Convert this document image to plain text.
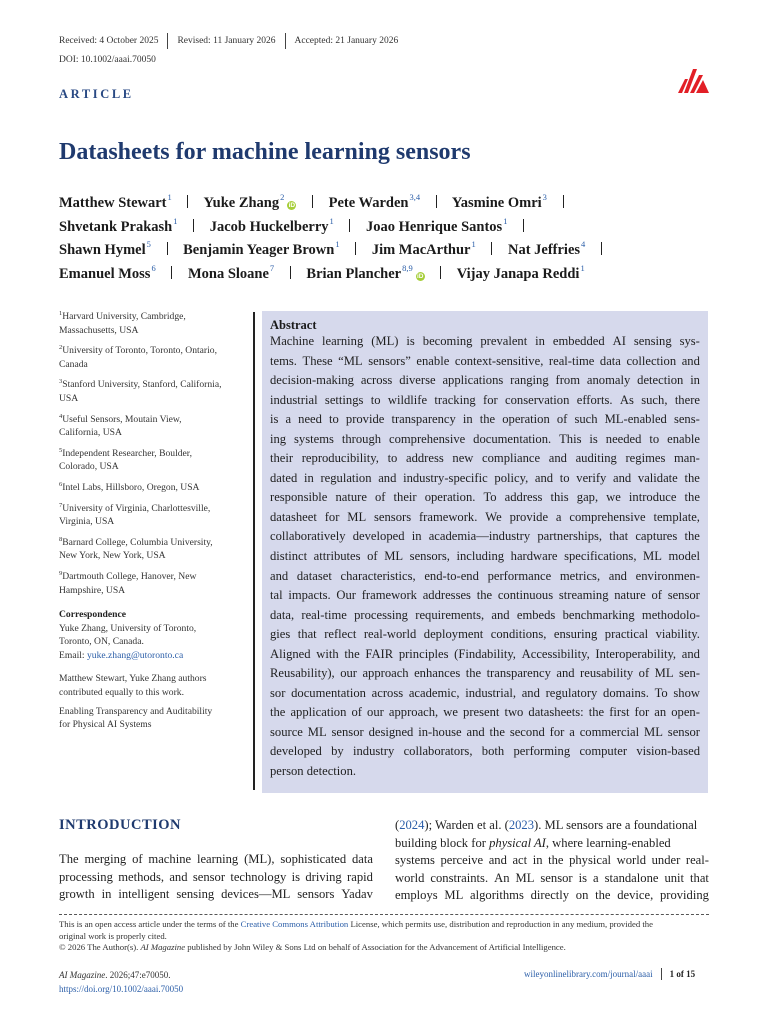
Received: 4 October 2025 Revised: 11 January 2026 Accepted: 21 January 2026
DOI: 10.1002/aaai.70050
ARTICLE
Datasheets for machine learning sensors
Matthew Stewart$^1$ Yuke Zhang$^2$iD Pete Warden$^{3,4}$ Yasmine Omri$^3$
Shvetank Prakash$^1$ Jacob Huckelberry$^1$ Joao Henrique Santos$^1$
Shawn Hymel$^5$ Benjamin Yeager Brown$^1$ Jim MacArthur$^1$ Nat Jeffries$^4$
Emanuel Moss$^6$ Mona Sloane$^7$ Brian Plancher$^{8,9}$iD Vijay Janapa Reddi$^1$
$^1$Harvard University, Cambridge,
Massachusetts, USA
$^2$University of Toronto, Toronto, Ontario,
Canada
$^3$Stanford University, Stanford, California,
USA
$^4$Useful Sensors, Moutain View,
California, USA
$^5$Independent Researcher, Boulder,
Colorado, USA
$^6$Intel Labs, Hillsboro, Oregon, USA
$^7$University of Virginia, Charlottesville,
Virginia, USA
$^8$Barnard College, Columbia University,
New York, New York, USA
$^9$Dartmouth College, Hanover, New
Hampshire, USA
Correspondence
Yuke Zhang, University of Toronto,
Toronto, ON, Canada.
Email: yuke.zhang@utoronto.ca
Matthew Stewart, Yuke Zhang authors
contributed equally to this work.
Enabling Transparency and Auditability
for Physical AI Systems
Abstract
Machine learning (ML) is becoming prevalent in embedded AI sensing sys-
tems. These “ML sensors” enable context-sensitive, real-time data collection and
decision-making across diverse applications ranging from anomaly detection in
industrial settings to wildlife tracking for conservation efforts. As such, there
is a need to provide transparency in the operation of such ML-enabled sens-
ing systems through comprehensive documentation. This is needed to enable
their reproducibility, to address new compliance and auditing regimes man-
dated in regulation and industry-specific policy, and to verify and validate the
responsible nature of their operation. To address this gap, we introduce the
datasheet for ML sensors framework. We provide a comprehensive template,
collaboratively developed in academia—industry partnerships, that captures the
distinct attributes of ML sensors, including hardware specifications, ML model
and dataset characteristics, end-to-end performance metrics, and environmen-
tal impacts. Our framework addresses the continuous streaming nature of sensor
data, real-time processing requirements, and embeds benchmarking methodolo-
gies that reflect real-world deployment conditions, ensuring practical viability.
Aligned with the FAIR principles (Findability, Accessibility, Interoperability, and
Reusability), our approach enhances the transparency and reusability of ML sen-
sor documentation across academic, industrial, and regulatory domains. To show
the application of our approach, we present two datasheets: the first for an open-
source ML sensor designed in-house and the second for a commercial ML sensor
developed by industry collaborators, both performing computer vision-based
person detection.
INTRODUCTION
The merging of machine learning (ML), sophisticated data
processing methods, and sensor technology is driving rapid
growth in intelligent sensing devices—ML sensors Yadav
(2024); Warden et al. (2023). ML sensors are a foundational
building block for physical AI, where learning-enabled
systems perceive and act in the physical world under real-
world constraints. An ML sensor is a standalone unit that
employs ML algorithms directly on the device, providing
This is an open access article under the terms of the Creative Commons Attribution License, which permits use, distribution and reproduction in any medium, provided the
original work is properly cited.
© 2026 The Author(s). AI Magazine published by John Wiley & Sons Ltd on behalf of Association for the Advancement of Artificial Intelligence.
AI Magazine. 2026;47:e70050.
https://doi.org/10.1002/aaai.70050
wileyonlinelibrary.com/journal/aaai 1 of 15
